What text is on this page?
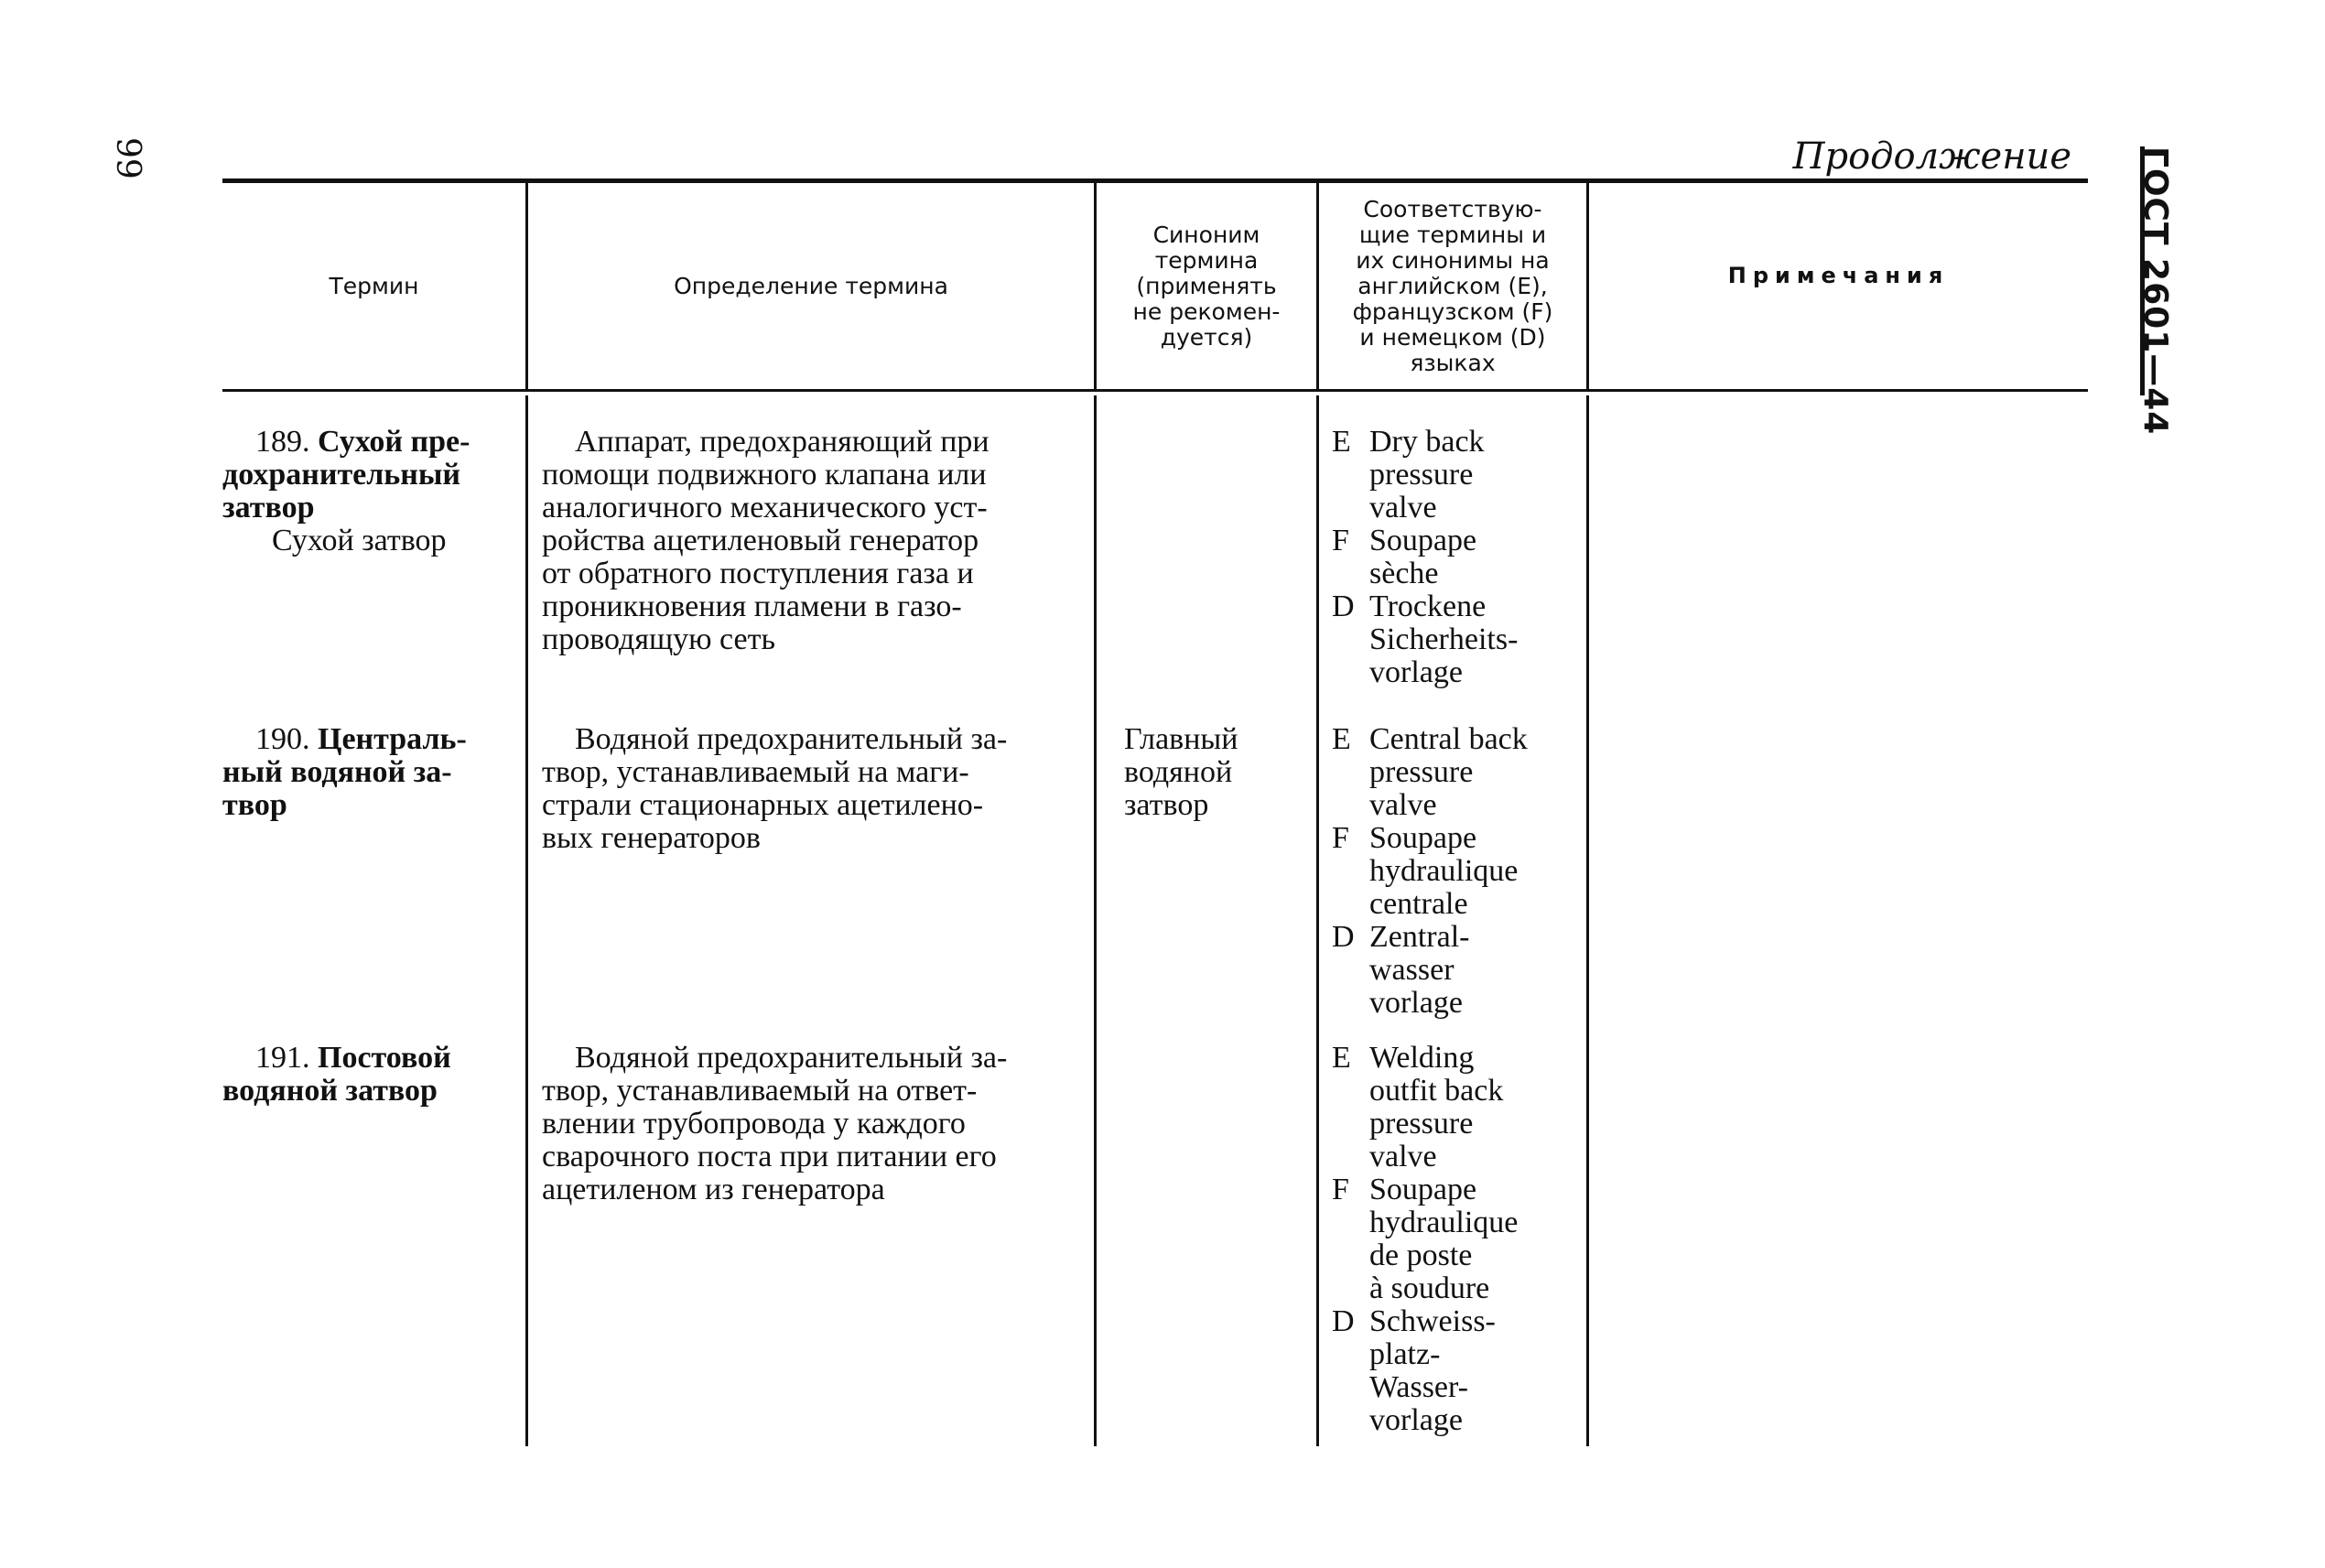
99	Продолжение ГОСТ 2601—44
Термин	Определение термина
Синоним
термина
(применять
не рекомен-
дуется)
Соответствую-
щие термины и
их синонимы на
английском (E),
французском (F)
и немецком (D)
языках
Примечания
189. Сухой пре-
дохранительный
затвор
Сухой затвор
Аппарат, предохраняющий при
помощи подвижного клапана или
аналогичного механического уст-
ройства ацетиленовый генератор
от обратного поступления газа и
проникновения пламени в газо-
проводящую сеть
E Dry back
pressure
valve
F Soupape
sèche
D Trockene
Sicherheits-
vorlage
190. Централь-
ный водяной за-
твор
Водяной предохранительный за-
твор, устанавливаемый на маги-
страли стационарных ацетилено-
вых генераторов
Главный
водяной
затвор
E Central back
pressure
valve
F Soupape
hydraulique
centrale
D Zentral-
wasser
vorlage
191. Постовой
водяной затвор
Водяной предохранительный за-
твор, устанавливаемый на ответ-
влении трубопровода у каждого
сварочного поста при питании его
ацетиленом из генератора
E Welding
outfit back
pressure
valve
F Soupape
hydraulique
de poste
à soudure
D Schweiss-
platz-
Wasser-
vorlage
